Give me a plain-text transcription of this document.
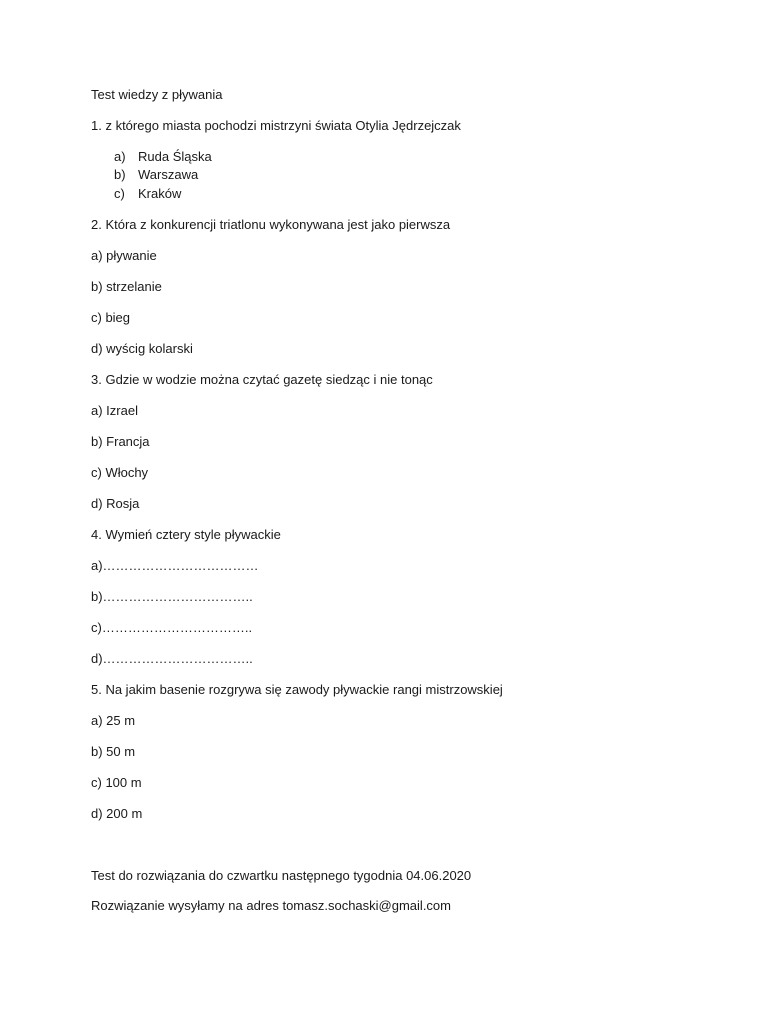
Test wiedzy z pływania
1. z którego miasta pochodzi mistrzyni świata Otylia Jędrzejczak
a) Ruda Śląska
b) Warszawa
c) Kraków
2. Która z konkurencji triatlonu wykonywana jest jako pierwsza
a) pływanie
b) strzelanie
c) bieg
d) wyścig kolarski
3. Gdzie w wodzie można czytać gazetę siedząc i nie tonąc
a) Izrael
b) Francja
c) Włochy
d) Rosja
4. Wymień cztery style pływackie
a)………………………………
b)……………………………..
c)……………………………..
d)……………………………..
5. Na jakim basenie rozgrywa się zawody pływackie rangi mistrzowskiej
a) 25 m
b) 50 m
c) 100 m
d) 200 m
Test do rozwiązania do czwartku następnego tygodnia 04.06.2020
Rozwiązanie wysyłamy na adres tomasz.sochaski@gmail.com
